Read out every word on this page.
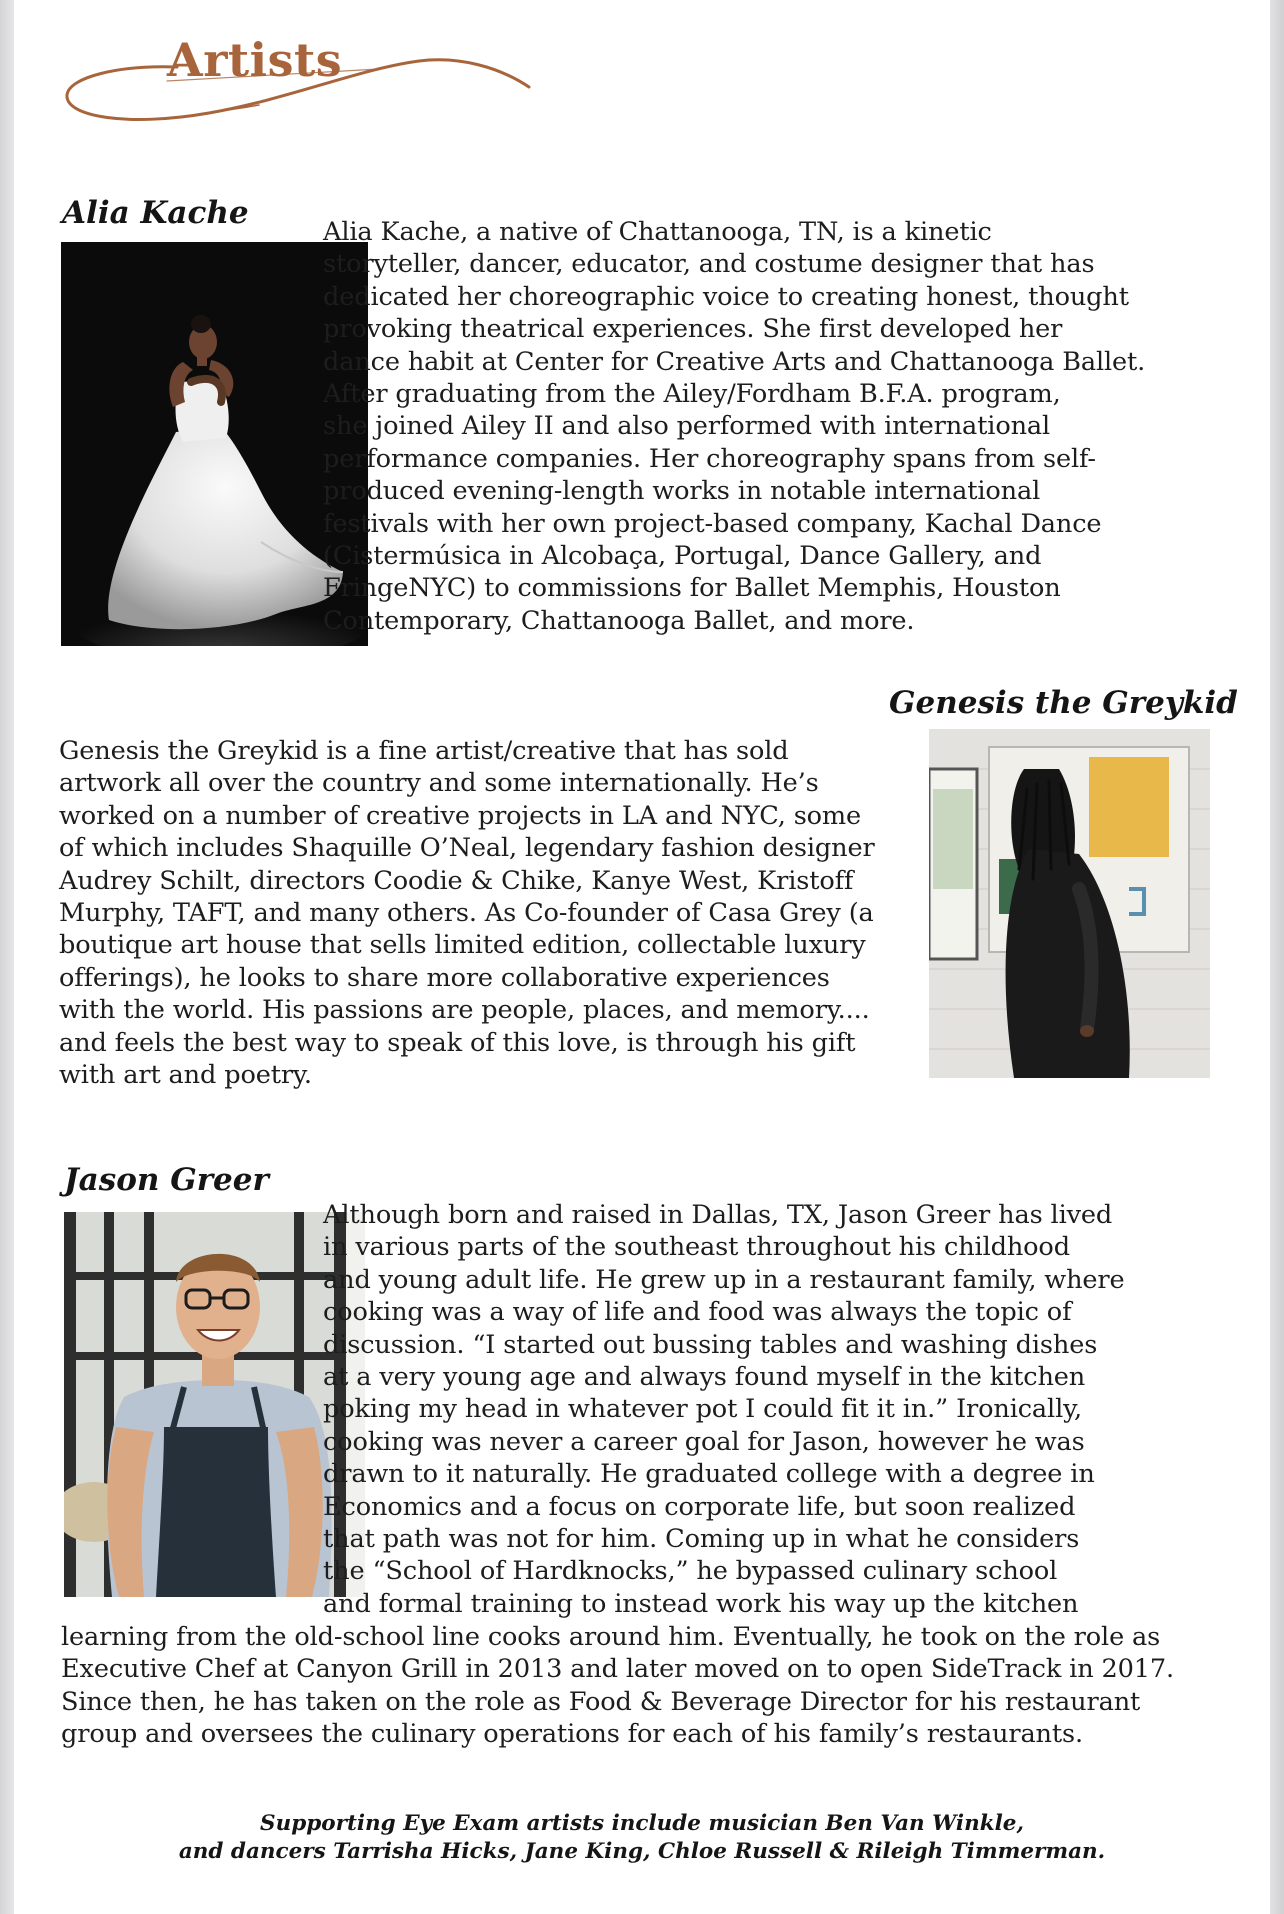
Artists
Alia Kache

Alia Kache, a native of Chattanooga, TN, is a kinetic
storyteller, dancer, educator, and costume designer that has
dedicated her choreographic voice to creating honest, thought
provoking theatrical experiences. She first developed her
dance habit at Center for Creative Arts and Chattanooga Ballet.
After graduating from the Ailey/Fordham B.F.A. program,
she joined Ailey II and also performed with international
performance companies. Her choreography spans from self-
produced evening-length works in notable international
festivals with her own project-based company, Kachal Dance
(Cistermúsica in Alcobaça, Portugal, Dance Gallery, and
FringeNYC) to commissions for Ballet Memphis, Houston
Contemporary, Chattanooga Ballet, and more.

Genesis the Greykid

Genesis the Greykid is a fine artist/creative that has sold
artwork all over the country and some internationally. He’s
worked on a number of creative projects in LA and NYC, some
of which includes Shaquille O’Neal, legendary fashion designer
Audrey Schilt, directors Coodie & Chike, Kanye West, Kristoff
Murphy, TAFT, and many others. As Co-founder of Casa Grey (a
boutique art house that sells limited edition, collectable luxury
offerings), he looks to share more collaborative experiences
with the world. His passions are people, places, and memory....
and feels the best way to speak of this love, is through his gift
with art and poetry.

Jason Greer

Although born and raised in Dallas, TX, Jason Greer has lived
in various parts of the southeast throughout his childhood
and young adult life. He grew up in a restaurant family, where
cooking was a way of life and food was always the topic of
discussion. “I started out bussing tables and washing dishes
at a very young age and always found myself in the kitchen
poking my head in whatever pot I could fit it in.” Ironically,
cooking was never a career goal for Jason, however he was
drawn to it naturally. He graduated college with a degree in
Economics and a focus on corporate life, but soon realized
that path was not for him. Coming up in what he considers
the “School of Hardknocks,” he bypassed culinary school
and formal training to instead work his way up the kitchen

learning from the old-school line cooks around him. Eventually, he took on the role as
Executive Chef at Canyon Grill in 2013 and later moved on to open SideTrack in 2017.
Since then, he has taken on the role as Food & Beverage Director for his restaurant
group and oversees the culinary operations for each of his family’s restaurants.

Supporting Eye Exam artists include musician Ben Van Winkle,
and dancers Tarrisha Hicks, Jane King, Chloe Russell & Rileigh Timmerman.
